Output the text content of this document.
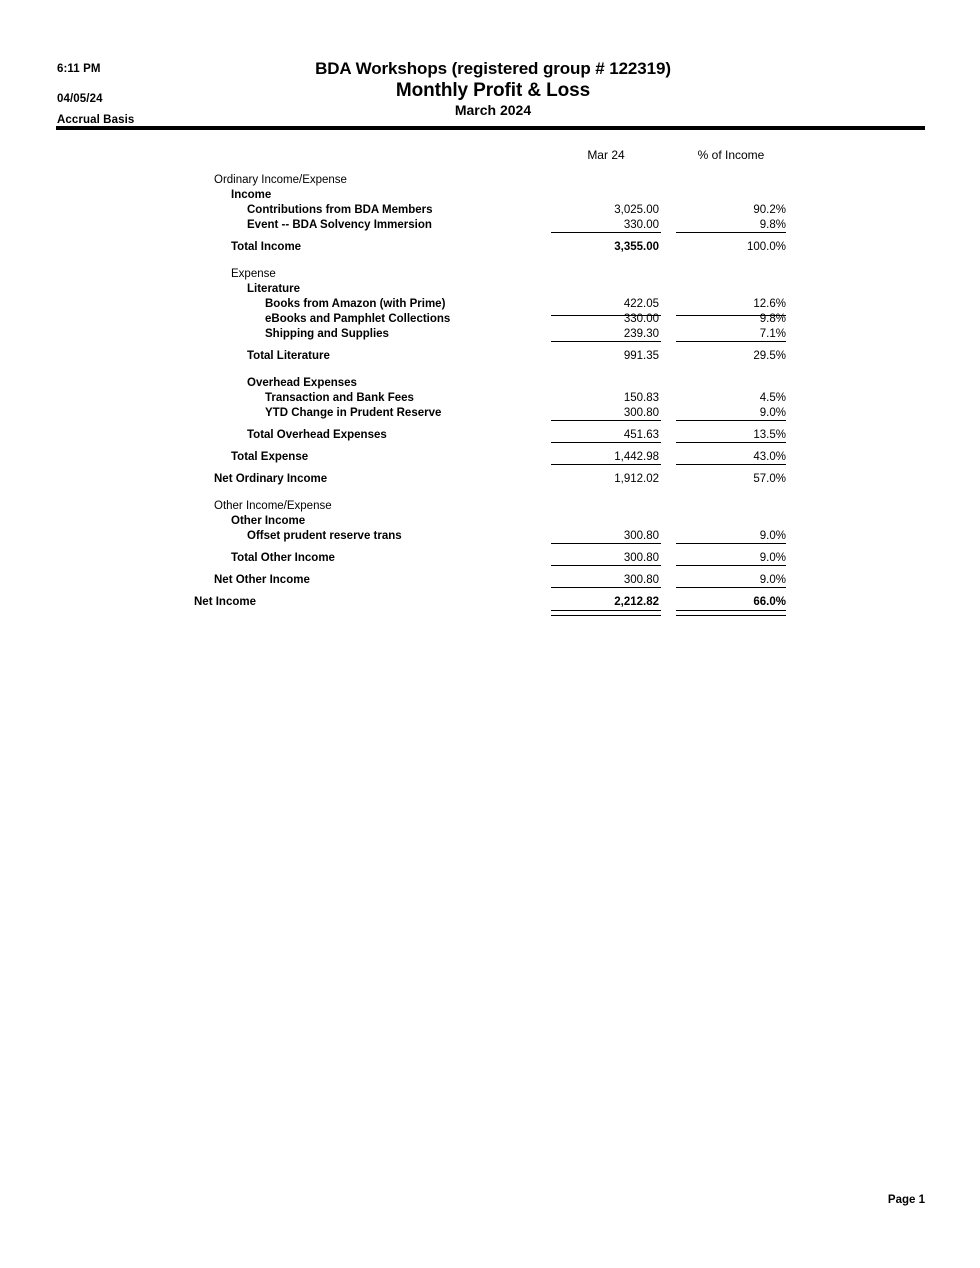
6:11 PM
04/05/24
Accrual Basis
BDA Workshops (registered group # 122319)
Monthly Profit & Loss
March 2024
Mar 24	% of Income
Ordinary Income/Expense
Income
Contributions from BDA Members	3,025.00	90.2%
Event -- BDA Solvency Immersion	330.00	9.8%
Total Income	3,355.00	100.0%
Expense
Literature
Books from Amazon (with Prime)	422.05	12.6%
eBooks and Pamphlet Collections	330.00	9.8%
Shipping and Supplies	239.30	7.1%
Total Literature	991.35	29.5%
Overhead Expenses
Transaction and Bank Fees	150.83	4.5%
YTD Change in Prudent Reserve	300.80	9.0%
Total Overhead Expenses	451.63	13.5%
Total Expense	1,442.98	43.0%
Net Ordinary Income	1,912.02	57.0%
Other Income/Expense
Other Income
Offset prudent reserve trans	300.80	9.0%
Total Other Income	300.80	9.0%
Net Other Income	300.80	9.0%
Net Income	2,212.82	66.0%
Page 1
